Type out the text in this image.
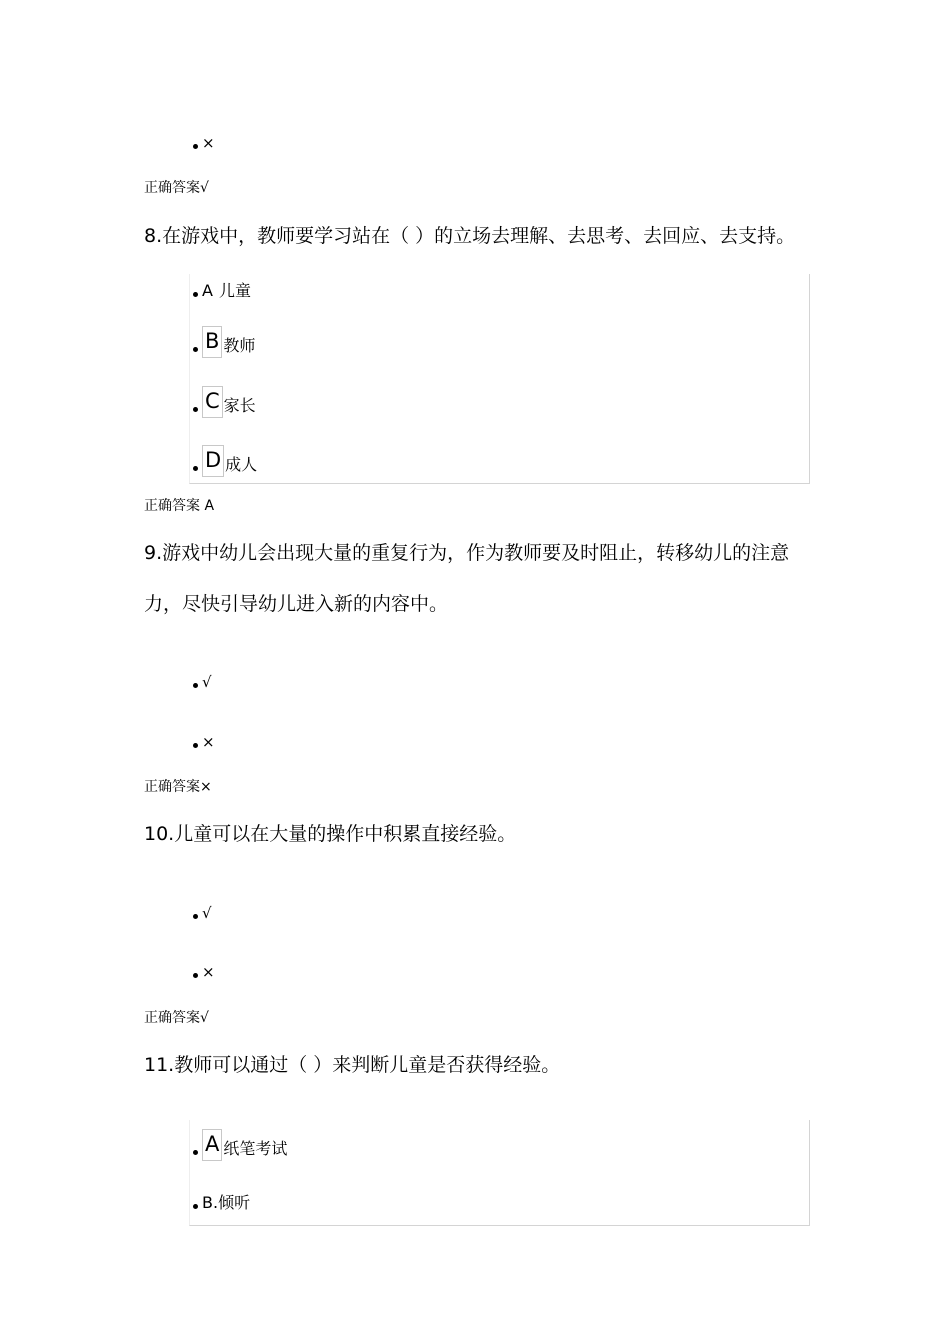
×
正确答案√
8.在游戏中，教师要学习站在（ ）的立场去理解、去思考、去回应、去支持。
A 儿童
B 教师
C 家长
D 成人
正确答案 A
9.游戏中幼儿会出现大量的重复行为，作为教师要及时阻止，转移幼儿的注意
力，尽快引导幼儿进入新的内容中。
√
×
正确答案×
10.儿童可以在大量的操作中积累直接经验。
√
×
正确答案√
11.教师可以通过（ ）来判断儿童是否获得经验。
A 纸笔考试
B.倾听
